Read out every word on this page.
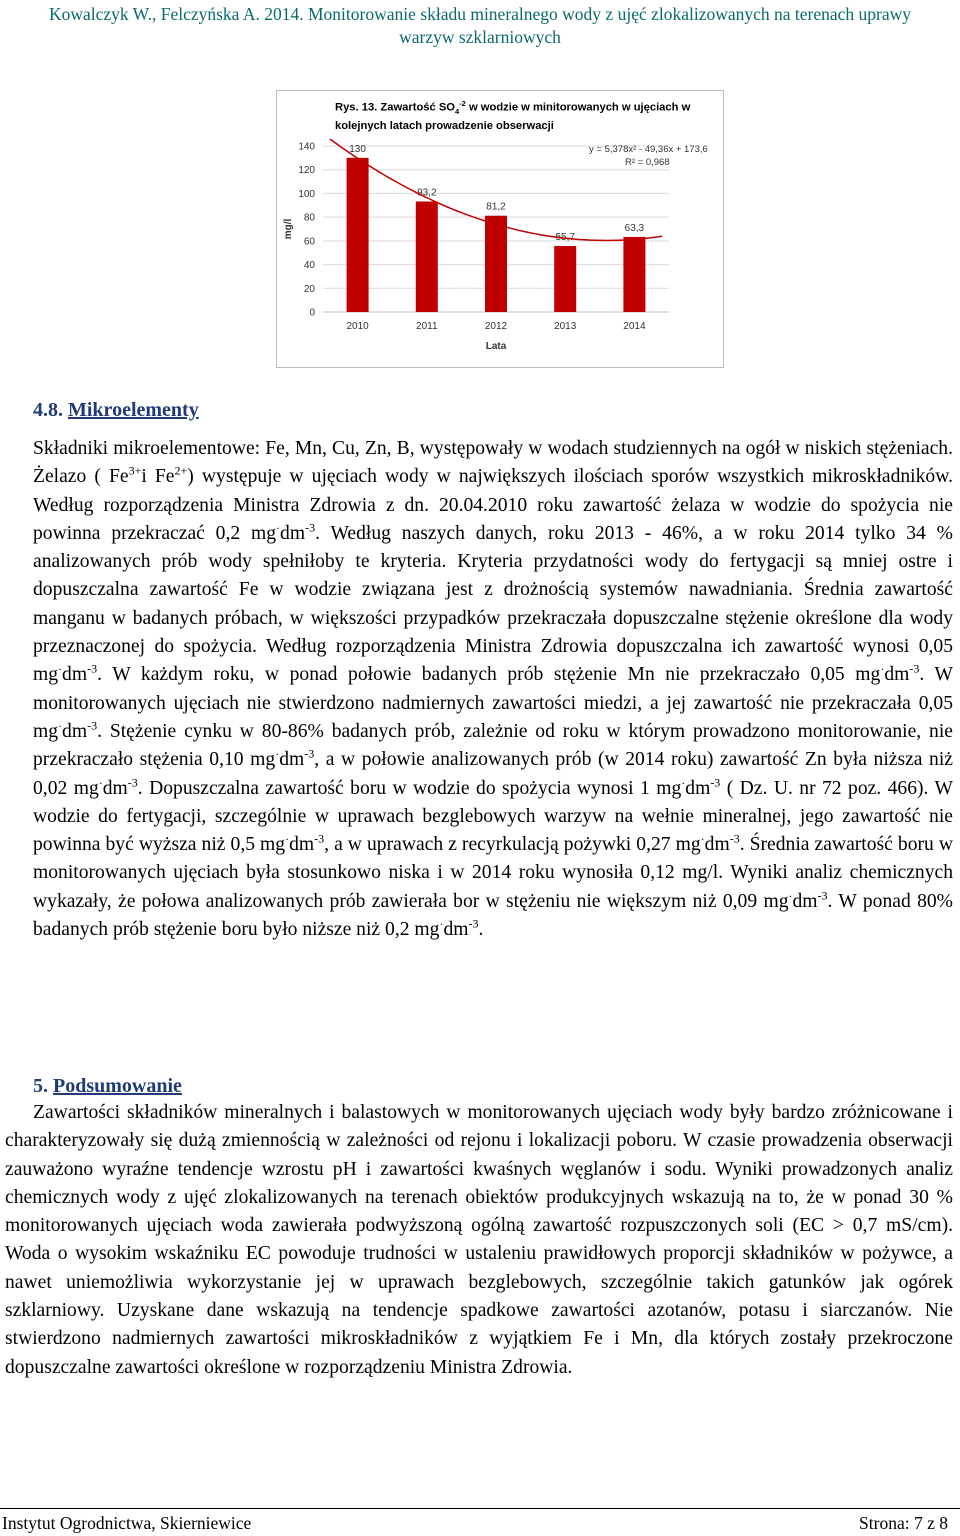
Kowalczyk W., Felczyńska A. 2014. Monitorowanie składu mineralnego wody z ujęć zlokalizowanych na terenach uprawy
warzyw szklarniowych
0
20
40
60
80
100
120
140	130
2010
93,2
2011
81,2
2012
55,7
2013
63,3
2014
y = 5,378x² - 49,36x + 173,6
R² = 0,968
mg/l
Lata
Rys. 13. Zawartość $SO_4^{-2}$ w wodzie w minitorowanych w ujęciach w kolejnych latach prowadzenie obserwacji
4.8. Mikroelementy

Składniki mikroelementowe: Fe, Mn, Cu, Zn, B, występowały w wodach studziennych na ogół w niskich stężeniach. Żelazo ( $Fe^{3+}i$ $Fe^{2+}$) występuje w ujęciach wody w największych ilościach sporów wszystkich mikroskładników. Według rozporządzenia Ministra Zdrowia z dn. 20.04.2010 roku zawartość żelaza w wodzie do spożycia nie powinna przekraczać 0,2 $mg^\cdot dm^{-3}$. Według naszych danych, roku 2013 - 46%, a w roku 2014 tylko 34 % analizowanych prób wody spełniłoby te kryteria. Kryteria przydatności wody do fertygacji są mniej ostre i dopuszczalna zawartość Fe w wodzie związana jest z drożnością systemów nawadniania. Średnia zawartość manganu w badanych próbach, w większości przypadków przekraczała dopuszczalne stężenie określone dla wody przeznaczonej do spożycia. Według rozporządzenia Ministra Zdrowia dopuszczalna ich zawartość wynosi 0,05 $mg^\cdot dm^{-3}$. W każdym roku, w ponad połowie badanych prób stężenie Mn nie przekraczało 0,05 $mg^\cdot dm^{-3}$. W monitorowanych ujęciach nie stwierdzono nadmiernych zawartości miedzi, a jej zawartość nie przekraczała 0,05 $mg^\cdot dm^{-3}$. Stężenie cynku w 80-86% badanych prób, zależnie od roku w którym prowadzono monitorowanie, nie przekraczało stężenia 0,10 $mg^\cdot dm^{-3}$, a w połowie analizowanych prób (w 2014 roku) zawartość Zn była niższa niż 0,02 $mg^\cdot dm^{-3}$. Dopuszczalna zawartość boru w wodzie do spożycia wynosi 1 $mg^\cdot dm^{-3}$ ( Dz. U. nr 72 poz. 466). W wodzie do fertygacji, szczególnie w uprawach bezglebowych warzyw na wełnie mineralnej, jego zawartość nie powinna być wyższa niż 0,5 $mg^\cdot dm^{-3}$, a w uprawach z recyrkulacją pożywki 0,27 $mg^\cdot dm^{-3}$. Średnia zawartość boru w monitorowanych ujęciach była stosunkowo niska i w 2014 roku wynosiła 0,12 mg/l. Wyniki analiz chemicznych wykazały, że połowa analizowanych prób zawierała bor w stężeniu nie większym niż 0,09 $mg^\cdot dm^{-3}$. W ponad 80% badanych prób stężenie boru było niższe niż 0,2 $mg^\cdot dm^{-3}$.

5. Podsumowanie

Zawartości składników mineralnych i balastowych w monitorowanych ujęciach wody były bardzo zróżnicowane i charakteryzowały się dużą zmiennością w zależności od rejonu i lokalizacji poboru. W czasie prowadzenia obserwacji zauważono wyraźne tendencje wzrostu pH i zawartości kwaśnych węglanów i sodu. Wyniki prowadzonych analiz chemicznych wody z ujęć zlokalizowanych na terenach obiektów produkcyjnych wskazują na to, że w ponad 30 % monitorowanych ujęciach woda zawierała podwyższoną ogólną zawartość rozpuszczonych soli (EC > 0,7 mS/cm). Woda o wysokim wskaźniku EC powoduje trudności w ustaleniu prawidłowych proporcji składników w pożywce, a nawet uniemożliwia wykorzystanie jej w uprawach bezglebowych, szczególnie takich gatunków jak ogórek szklarniowy. Uzyskane dane wskazują na tendencje spadkowe zawartości azotanów, potasu i siarczanów. Nie stwierdzono nadmiernych zawartości mikroskładników z wyjątkiem Fe i Mn, dla których zostały przekroczone dopuszczalne zawartości określone w rozporządzeniu Ministra Zdrowia.

Instytut Ogrodnictwa, Skierniewice	Strona: 7 z 8
